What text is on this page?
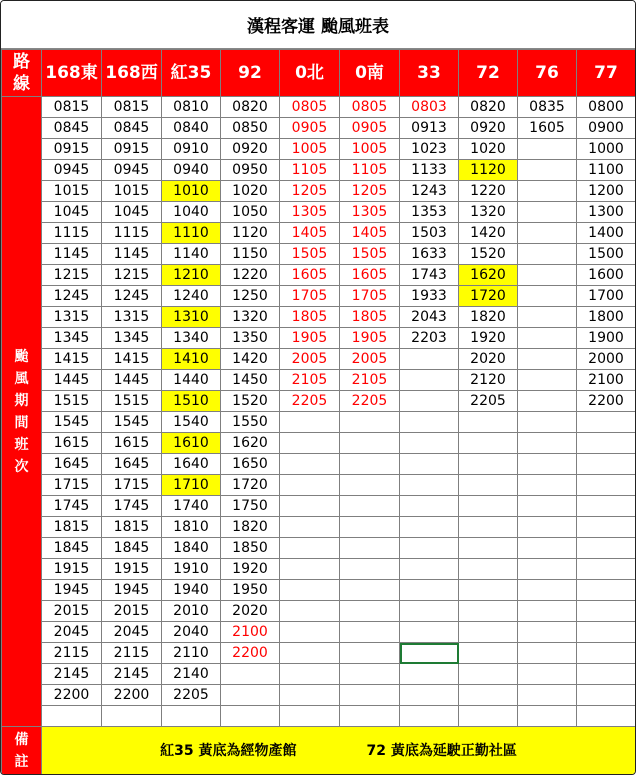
漢程客運 颱風班表
路線	168東	168西	紅35	92	0北	0南	33	72	76	77

颱風期間班次	0815	0815	0810	0820	0805	0805	0803	0820	0835	0800
	0845	0845	0840	0850	0905	0905	0913	0920	1605	0900
	0915	0915	0910	0920	1005	1005	1023	1020		1000
	0945	0945	0940	0950	1105	1105	1133	1120		1100
	1015	1015	1010	1020	1205	1205	1243	1220		1200
	1045	1045	1040	1050	1305	1305	1353	1320		1300
	1115	1115	1110	1120	1405	1405	1503	1420		1400
	1145	1145	1140	1150	1505	1505	1633	1520		1500
	1215	1215	1210	1220	1605	1605	1743	1620		1600
	1245	1245	1240	1250	1705	1705	1933	1720		1700
	1315	1315	1310	1320	1805	1805	2043	1820		1800
	1345	1345	1340	1350	1905	1905	2203	1920		1900
	1415	1415	1410	1420	2005	2005		2020		2000
	1445	1445	1440	1450	2105	2105		2120		2100
	1515	1515	1510	1520	2205	2205		2205		2200
	1545	1545	1540	1550						
	1615	1615	1610	1620						
	1645	1645	1640	1650						
	1715	1715	1710	1720						
	1745	1745	1740	1750						
	1815	1815	1810	1820						
	1845	1845	1840	1850						
	1915	1915	1910	1920						
	1945	1945	1940	1950						
	2015	2015	2010	2020						
	2045	2045	2040	2100						
	2115	2115	2110	2200						
	2145	2145	2140							
	2200	2200	2205							

備註	紅35 黃底為經物產館 72 黃底為延駛正勤社區									
